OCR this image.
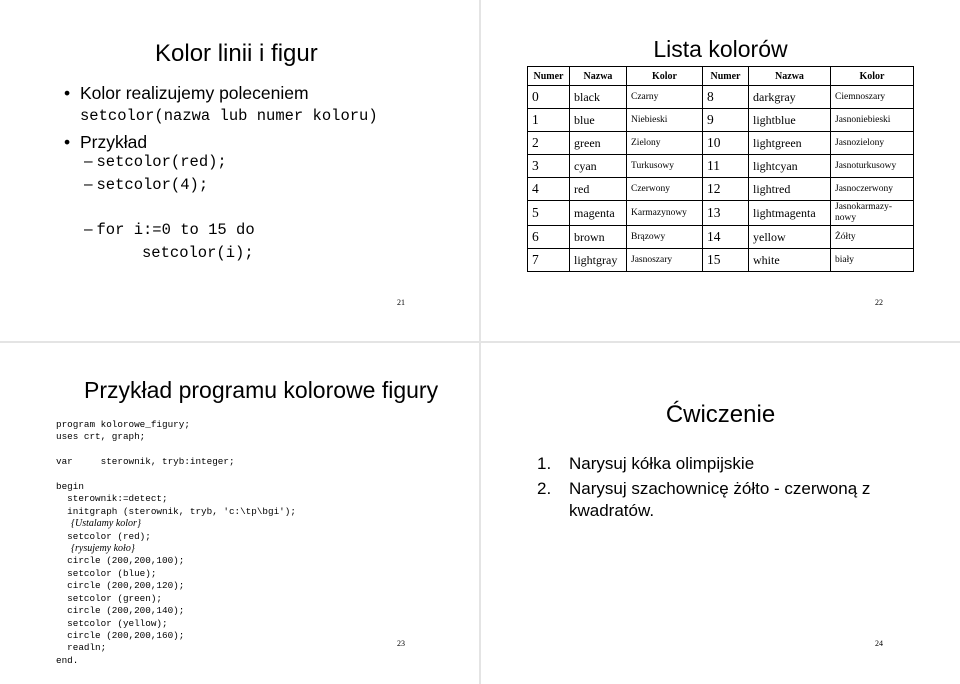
Kolor linii i figur
• Kolor realizujemy poleceniem
setcolor(nazwa lub numer koloru)
• Przykład
– setcolor(red);
– setcolor(4);
– for i:=0 to 15 do
setcolor(i);
21
Lista kolorów
Numer	Nazwa	Kolor	Numer	Nazwa	Kolor
0	black	Czarny	8	darkgray	Ciemnoszary
1	blue	Niebieski	9	lightblue	Jasnoniebieski
2	green	Zielony	10	lightgreen	Jasnozielony
3	cyan	Turkusowy	11	lightcyan	Jasnoturkusowy
4	red	Czerwony	12	lightred	Jasnoczerwony
5	magenta	Karmazynowy	13	lightmagenta	Jasnokarmazy-nowy
6	brown	Brązowy	14	yellow	Żółty
7	lightgray	Jasnoszary	15	white	biały
22
Przykład programu kolorowe figury
program kolorowe_figury;
uses crt, graph;

var     sterownik, tryb:integer;

begin
sterownik:=detect;
initgraph (sterownik, tryb, 'c:\tp\bgi');
{Ustalamy kolor}
setcolor (red);
{rysujemy koło}
circle (200,200,100);
setcolor (blue);
circle (200,200,120);
setcolor (green);
circle (200,200,140);
setcolor (yellow);
circle (200,200,160);
readln;
end.

23
Ćwiczenie
1. Narysuj kółka olimpijskie
2. Narysuj szachownicę żółto - czerwoną z kwadratów.
24
